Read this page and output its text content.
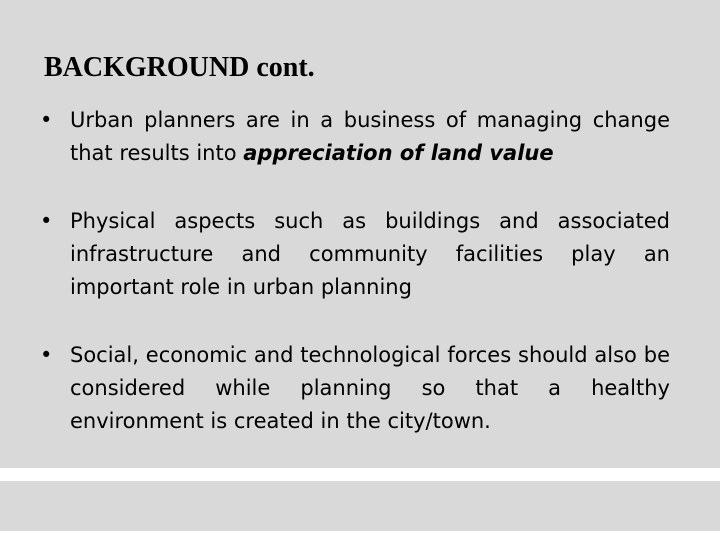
BACKGROUND cont.
• Urban planners are in a business of managing change that results into appreciation of land value
• Physical aspects such as buildings and associated infrastructure and community facilities play an important role in urban planning
• Social, economic and technological forces should also be considered while planning so that a healthy environment is created in the city/town.
